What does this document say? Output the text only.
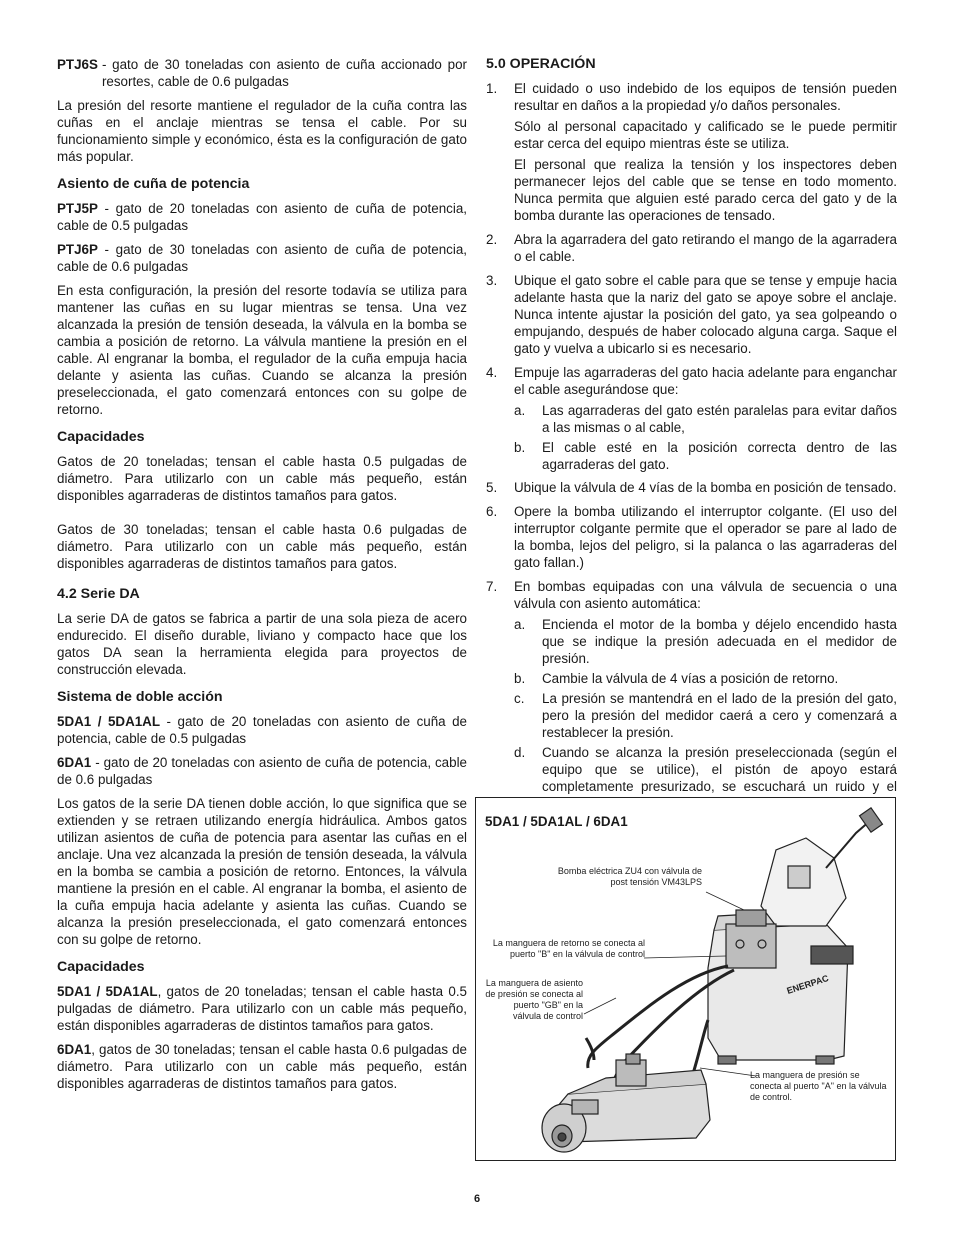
PTJ6S - gato de 30 toneladas con asiento de cuña accionado por resortes, cable de 0.6 pulgadas

La presión del resorte mantiene el regulador de la cuña contra las cuñas en el anclaje mientras se tensa el cable. Por su funcionamiento simple y económico, ésta es la configuración de gato más popular.

Asiento de cuña de potencia

PTJ5P - gato de 20 toneladas con asiento de cuña de potencia, cable de 0.5 pulgadas

PTJ6P - gato de 30 toneladas con asiento de cuña de potencia, cable de 0.6 pulgadas

En esta configuración, la presión del resorte todavía se utiliza para mantener las cuñas en su lugar mientras se tensa. Una vez alcanzada la presión de tensión deseada, la válvula en la bomba se cambia a posición de retorno. La válvula mantiene la presión en el cable. Al engranar la bomba, el regulador de la cuña empuja hacia delante y asienta las cuñas. Cuando se alcanza la presión preseleccionada, el gato comenzará entonces con su golpe de retorno.

Capacidades

Gatos de 20 toneladas; tensan el cable hasta 0.5 pulgadas de diámetro. Para utilizarlo con un cable más pequeño, están disponibles agarraderas de distintos tamaños para gatos.

Gatos de 30 toneladas; tensan el cable hasta 0.6 pulgadas de diámetro. Para utilizarlo con un cable más pequeño, están disponibles agarraderas de distintos tamaños para gatos.

4.2 Serie DA

La serie DA de gatos se fabrica a partir de una sola pieza de acero endurecido. El diseño durable, liviano y compacto hace que los gatos DA sean la herramienta elegida para proyectos de construcción elevada.

Sistema de doble acción

5DA1 / 5DA1AL - gato de 20 toneladas con asiento de cuña de potencia, cable de 0.5 pulgadas

6DA1 - gato de 20 toneladas con asiento de cuña de potencia, cable de 0.6 pulgadas

Los gatos de la serie DA tienen doble acción, lo que significa que se extienden y se retraen utilizando energía hidráulica. Ambos gatos utilizan asientos de cuña de potencia para asentar las cuñas en el anclaje. Una vez alcanzada la presión de tensión deseada, la válvula en la bomba se cambia a posición de retorno. Entonces, la válvula mantiene la presión en el cable. Al engranar la bomba, el asiento de la cuña empuja hacia adelante y asienta las cuñas. Cuando se alcanza la presión preseleccionada, el gato comenzará entonces con su golpe de retorno.

Capacidades

5DA1 / 5DA1AL, gatos de 20 toneladas; tensan el cable hasta 0.5 pulgadas de diámetro. Para utilizarlo con un cable más pequeño, están disponibles agarraderas de distintos tamaños para gatos.

6DA1, gatos de 30 toneladas; tensan el cable hasta 0.6 pulgadas de diámetro. Para utilizarlo con un cable más pequeño, están disponibles agarraderas de distintos tamaños para gatos.

5.0 OPERACIÓN
1.	El cuidado o uso indebido de los equipos de tensión pueden resultar en daños a la propiedad y/o daños personales.

Sólo al personal capacitado y calificado se le puede permitir estar cerca del equipo mientras éste se utiliza.

El personal que realiza la tensión y los inspectores deben permanecer lejos del cable que se tense en todo momento. Nunca permita que alguien esté parado cerca del gato y de la bomba durante las operaciones de tensado.

2.	Abra la agarradera del gato retirando el mango de la agarradera o el cable.

3.	Ubique el gato sobre el cable para que se tense y empuje hacia adelante hasta que la nariz del gato se apoye sobre el anclaje. Nunca intente ajustar la posición del gato, ya sea golpeando o empujando, después de haber colocado alguna carga. Saque el gato y vuelva a ubicarlo si es necesario.

4.	Empuje las agarraderas del gato hacia adelante para enganchar el cable asegurándose que:

a.	Las agarraderas del gato estén paralelas para evitar daños a las mismas o al cable,
b.	El cable esté en la posición correcta dentro de las agarraderas del gato.
5.	Ubique la válvula de 4 vías de la bomba en posición de tensado.

6.	Opere la bomba utilizando el interruptor colgante. (El uso del interruptor colgante permite que el operador se pare al lado de la bomba, lejos del peligro, si la palanca o las agarraderas del gato fallan.)

7.	En bombas equipadas con una válvula de secuencia o una válvula con asiento automática:

a.	Encienda el motor de la bomba y déjelo encendido hasta que se indique la presión adecuada en el medidor de presión.
b.	Cambie la válvula de 4 vías a posición de retorno.
c.	La presión se mantendrá en el lado de la presión del gato, pero la presión del medidor caerá a cero y comenzará a restablecer la presión.
d.	Cuando se alcanza la presión preseleccionada (según el equipo que se utilice), el pistón de apoyo estará completamente presurizado, se escuchará un ruido y el
5DA1 / 5DA1AL / 6DA1
ENERPAC
Bomba eléctrica ZU4 con válvula de post tensión VM43LPS
La manguera de retorno se conecta al puerto "B" en la válvula de control
La manguera de asiento de presión se conecta al puerto "GB" en la válvula de control
La manguera de presión se conecta al puerto "A" en la válvula de control.
6
